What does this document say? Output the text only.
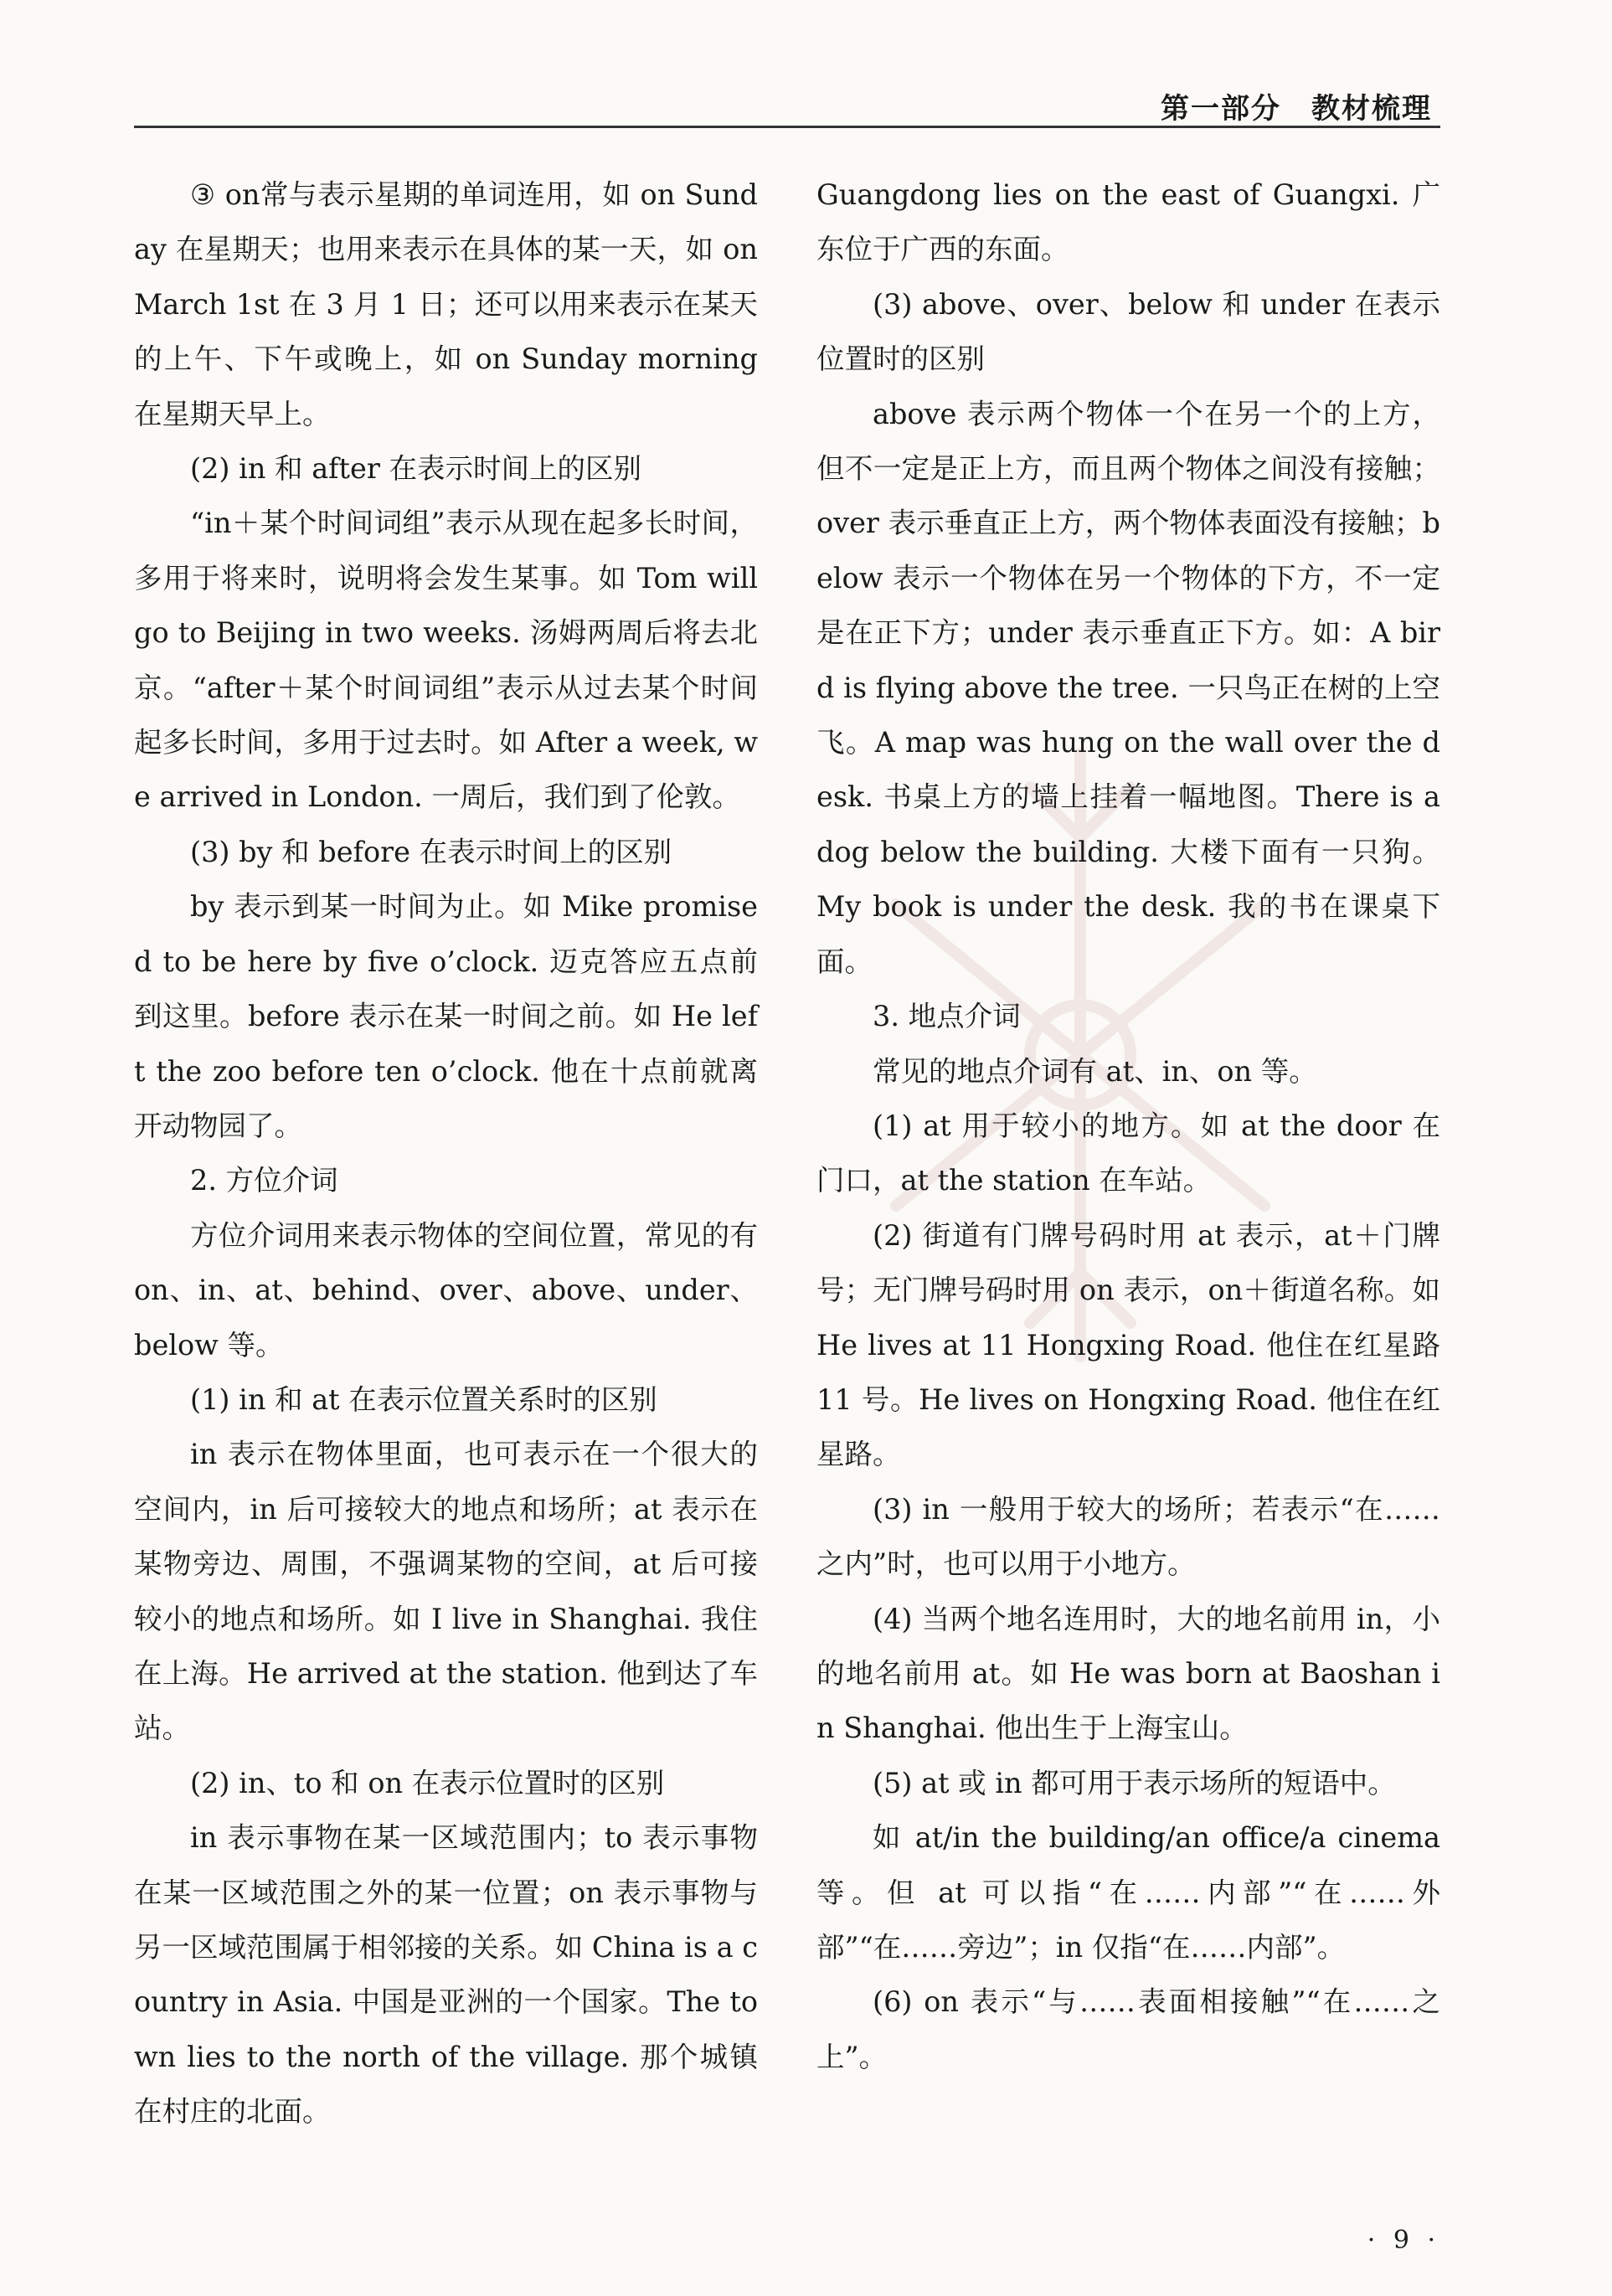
第一部分　教材梳理

③ on常与表示星期的单词连用，如 on Sunday 在星期天；也用来表示在具体的某一天，如 on March 1st 在 3 月 1 日；还可以用来表示在某天的上午、下午或晚上，如 on Sunday morning 在星期天早上。

(2) in 和 after 在表示时间上的区别

“in＋某个时间词组”表示从现在起多长时间，多用于将来时，说明将会发生某事。如 Tom will go to Beijing in two weeks. 汤姆两周后将去北京。“after＋某个时间词组”表示从过去某个时间起多长时间，多用于过去时。如 After a week, we arrived in London. 一周后，我们到了伦敦。

(3) by 和 before 在表示时间上的区别

by 表示到某一时间为止。如 Mike promised to be here by five o’clock. 迈克答应五点前到这里。before 表示在某一时间之前。如 He left the zoo before ten o’clock. 他在十点前就离开动物园了。

2. 方位介词

方位介词用来表示物体的空间位置，常见的有 on、in、at、behind、over、above、under、below 等。

(1) in 和 at 在表示位置关系时的区别

in 表示在物体里面，也可表示在一个很大的空间内，in 后可接较大的地点和场所；at 表示在某物旁边、周围，不强调某物的空间，at 后可接较小的地点和场所。如 I live in Shanghai. 我住在上海。He arrived at the station. 他到达了车站。

(2) in、to 和 on 在表示位置时的区别

in 表示事物在某一区域范围内；to 表示事物在某一区域范围之外的某一位置；on 表示事物与另一区域范围属于相邻接的关系。如 China is a country in Asia. 中国是亚洲的一个国家。The town lies to the north of the village. 那个城镇在村庄的北面。

Guangdong lies on the east of Guangxi. 广东位于广西的东面。

(3) above、over、below 和 under 在表示位置时的区别

above 表示两个物体一个在另一个的上方，但不一定是正上方，而且两个物体之间没有接触；over 表示垂直正上方，两个物体表面没有接触；below 表示一个物体在另一个物体的下方，不一定是在正下方；under 表示垂直正下方。如：A bird is flying above the tree. 一只鸟正在树的上空飞。A map was hung on the wall over the desk. 书桌上方的墙上挂着一幅地图。There is a dog below the building. 大楼下面有一只狗。My book is under the desk. 我的书在课桌下面。

3. 地点介词

常见的地点介词有 at、in、on 等。

(1) at 用于较小的地方。如 at the door 在门口，at the station 在车站。

(2) 街道有门牌号码时用 at 表示，at＋门牌号；无门牌号码时用 on 表示，on＋街道名称。如 He lives at 11 Hongxing Road. 他住在红星路 11 号。He lives on Hongxing Road. 他住在红星路。

(3) in 一般用于较大的场所；若表示“在……之内”时，也可以用于小地方。

(4) 当两个地名连用时，大的地名前用 in，小的地名前用 at。如 He was born at Baoshan in Shanghai. 他出生于上海宝山。

(5) at 或 in 都可用于表示场所的短语中。

如 at/in the building/an office/a cinema 等。但 at 可以指“在……内部”“在……外部”“在……旁边”；in 仅指“在……内部”。

(6) on 表示“与……表面相接触”“在……之上”。

· 9 ·
